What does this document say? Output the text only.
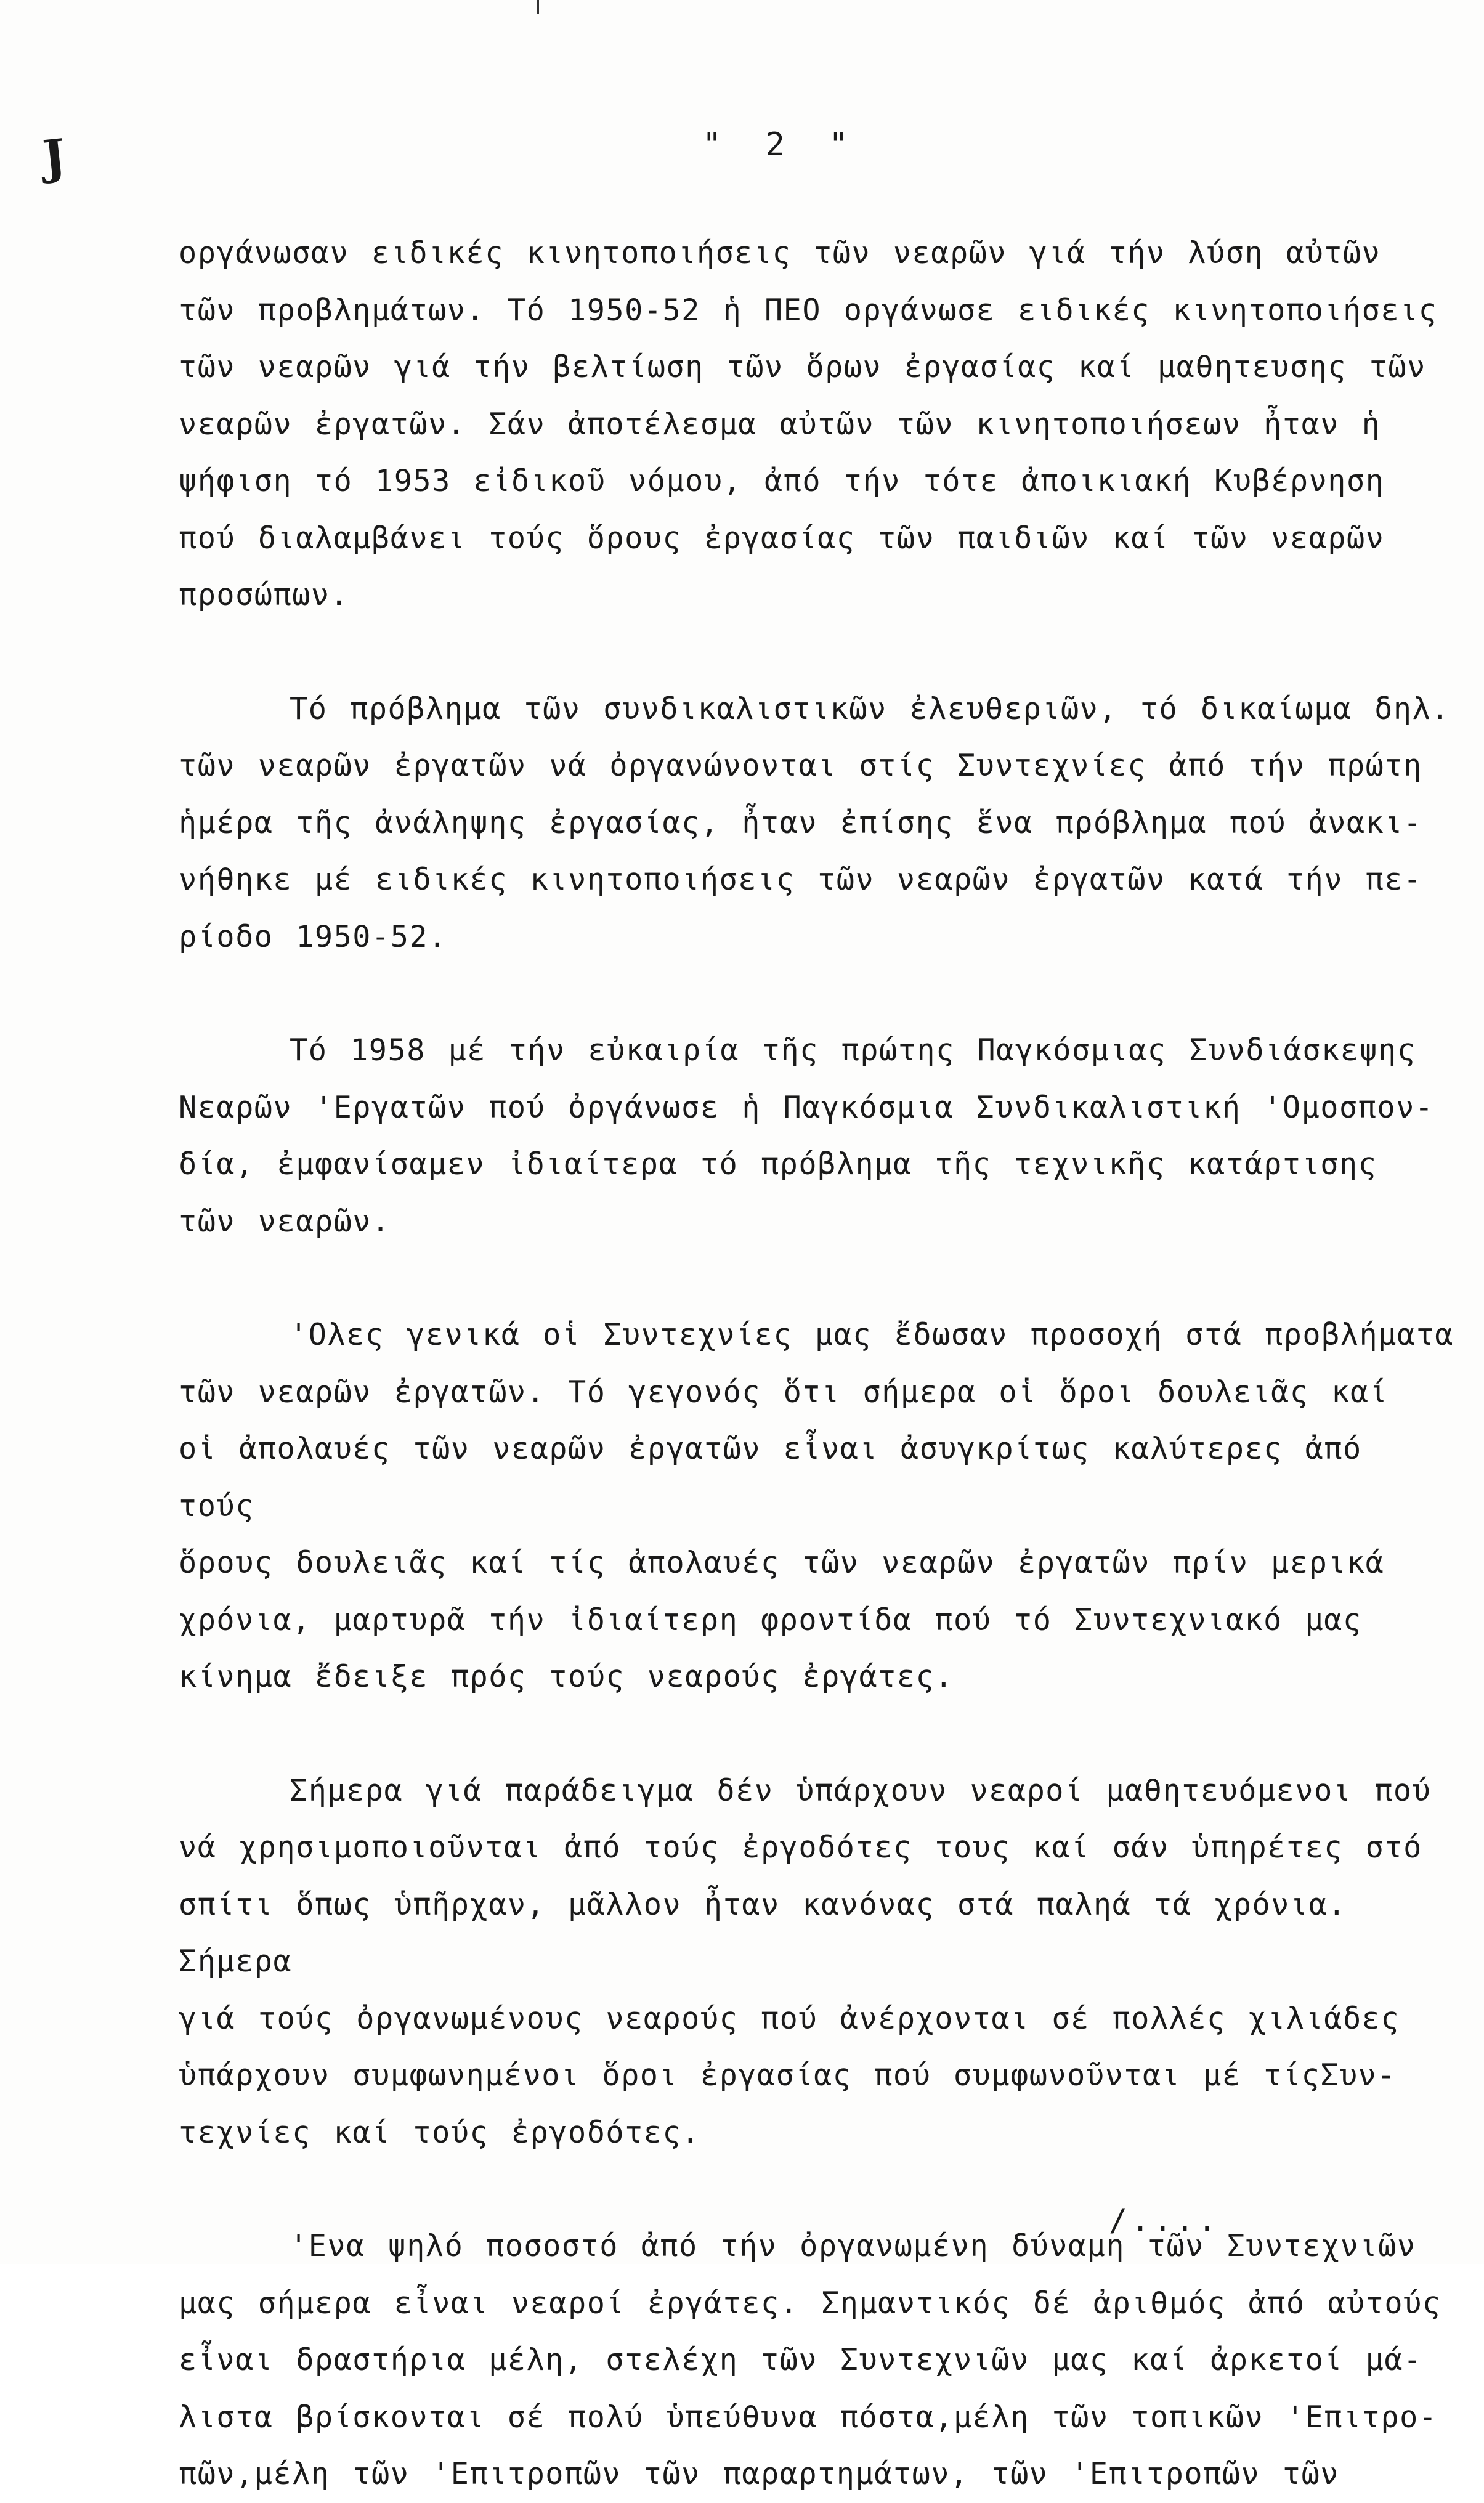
J	" 2 "
οργάνωσαν ειδικές κινητοποιήσεις τῶν νεαρῶν γιά τήν λύση αὐτῶν
τῶν προβλημάτων. Τό 1950-52 ἡ ΠΕΟ οργάνωσε ειδικές κινητοποιήσεις
τῶν νεαρῶν γιά τήν βελτίωση τῶν ὅρων ἐργασίας καί μαθητευσης τῶν
νεαρῶν ἐργατῶν. Σάν ἀποτέλεσμα αὐτῶν τῶν κινητοποιήσεων ἦταν ἡ
ψήφιση τό 1953 εἰδικοῦ νόμου, ἀπό τήν τότε ἀποικιακή Κυβέρνηση
πού διαλαμβάνει τούς ὅρους ἐργασίας τῶν παιδιῶν καί τῶν νεαρῶν
προσώπων.
Τό πρόβλημα τῶν συνδικαλιστικῶν ἐλευθεριῶν, τό δικαίωμα δηλ.
τῶν νεαρῶν ἐργατῶν νά ὀργανώνονται στίς Συντεχνίες ἀπό τήν πρώτη
ἡμέρα τῆς ἀνάληψης ἐργασίας, ἦταν ἐπίσης ἕνα πρόβλημα πού ἀνακι-
νήθηκε μέ ειδικές κινητοποιήσεις τῶν νεαρῶν ἐργατῶν κατά τήν πε-
ρίοδο 1950-52.
Τό 1958 μέ τήν εὐκαιρία τῆς πρώτης Παγκόσμιας Συνδιάσκεψης
Νεαρῶν 'Εργατῶν πού ὀργάνωσε ἡ Παγκόσμια Συνδικαλιστική 'Ομοσπον-
δία, ἐμφανίσαμεν ἰδιαίτερα τό πρόβλημα τῆς τεχνικῆς κατάρτισης
τῶν νεαρῶν.
'Ολες γενικά οἱ Συντεχνίες μας ἔδωσαν προσοχή στά προβλήματα
τῶν νεαρῶν ἐργατῶν. Τό γεγονός ὅτι σήμερα οἱ ὅροι δουλειᾶς καί
οἱ ἀπολαυές τῶν νεαρῶν ἐργατῶν εἶναι ἀσυγκρίτως καλύτερες ἀπό τούς
ὅρους δουλειᾶς καί τίς ἀπολαυές τῶν νεαρῶν ἐργατῶν πρίν μερικά
χρόνια, μαρτυρᾶ τήν ἰδιαίτερη φροντίδα πού τό Συντεχνιακό μας
κίνημα ἔδειξε πρός τούς νεαρούς ἐργάτες.
Σήμερα γιά παράδειγμα δέν ὑπάρχουν νεαροί μαθητευόμενοι πού
νά χρησιμοποιοῦνται ἀπό τούς ἐργοδότες τους καί σάν ὑπηρέτες στό
σπίτι ὅπως ὑπῆρχαν, μᾶλλον ἦταν κανόνας στά παληά τά χρόνια. Σήμερα
γιά τούς ὀργανωμένους νεαρούς πού ἀνέρχονται σέ πολλές χιλιάδες
ὑπάρχουν συμφωνημένοι ὅροι ἐργασίας πού συμφωνοῦνται μέ τίςΣυν-
τεχνίες καί τούς ἐργοδότες.
'Ενα ψηλό ποσοστό ἀπό τήν ὀργανωμένη δύναμη τῶν Συντεχνιῶν
μας σήμερα εἶναι νεαροί ἐργάτες. Σημαντικός δέ ἀριθμός ἀπό αὐτούς
εἶναι δραστήρια μέλη, στελέχη τῶν Συντεχνιῶν μας καί ἀρκετοί μά-
λιστα βρίσκονται σέ πολύ ὑπεύθυνα πόστα,μέλη τῶν τοπικῶν 'Επιτρο-
πῶν,μέλη τῶν 'Επιτροπῶν τῶν παραρτημάτων, τῶν 'Επιτροπῶν τῶν
/....
